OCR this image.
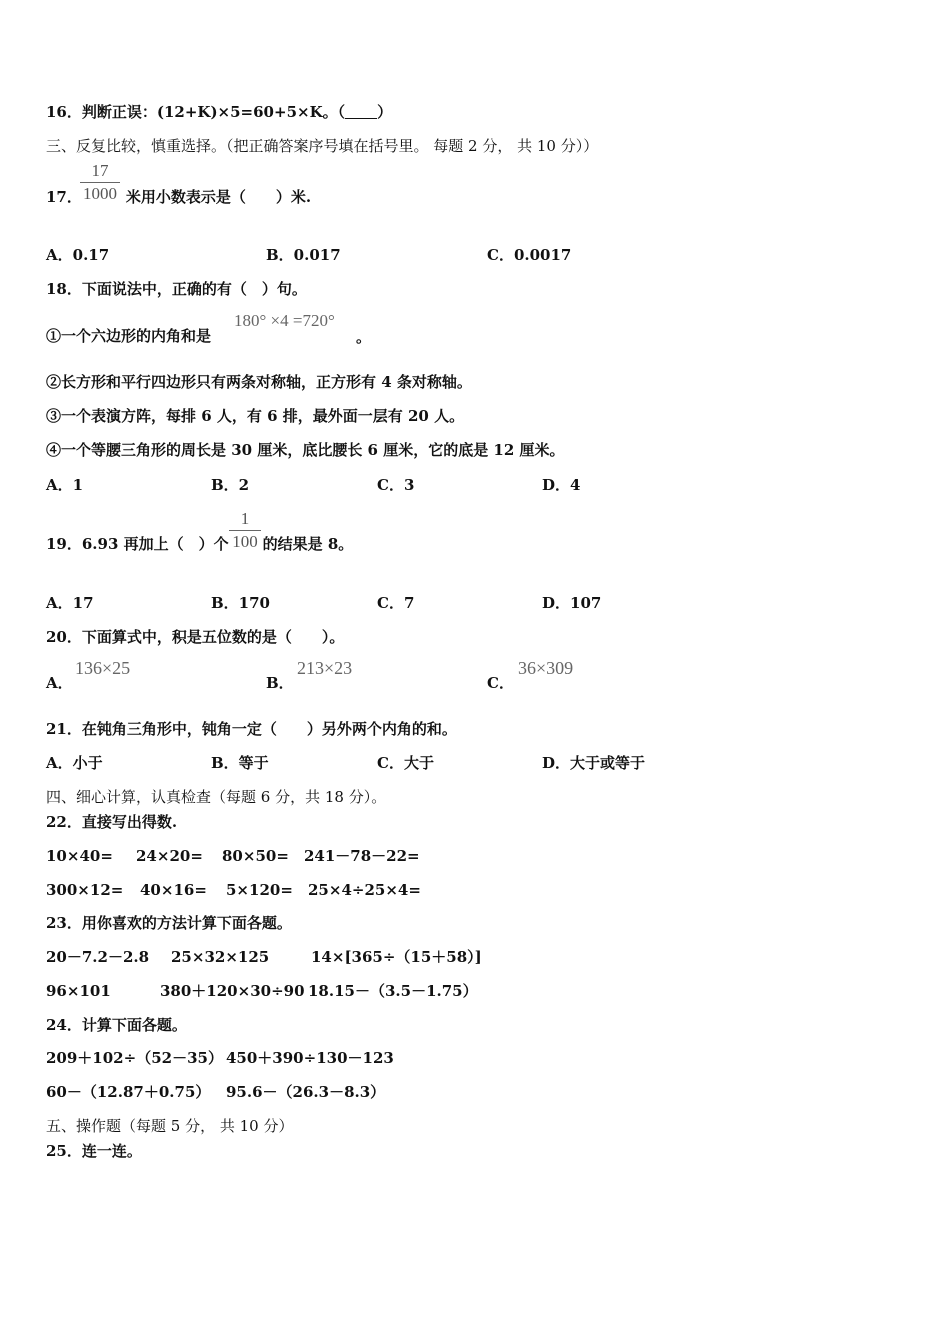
16．判断正误：(12+K)×5=60+5×K。（ ）
三、反复比较，慎重选择。（把正确答案序号填在括号里。 每题 2 分， 共 10 分））
17．	米用小数表示是（　　）米.
17
1000
A．0.17	B．0.017	C．0.0017
18．下面说法中，正确的有（　）句。
①一个六边形的内角和是
180° ×4 =720°
。
②长方形和平行四边形只有两条对称轴，正方形有 4 条对称轴。
③一个表演方阵，每排 6 人，有 6 排，最外面一层有 20 人。
④一个等腰三角形的周长是 30 厘米，底比腰长 6 厘米，它的底是 12 厘米。
A．1	B．2	C．3	D．4
19．6.93 再加上（　）个 的结果是 8。
1
100
A．17	B．170	C．7	D．107
20．下面算式中，积是五位数的是（　　）。
A．
136×25
B．
213×23
C．
36×309
21．在钝角三角形中，钝角一定（　　）另外两个内角的和。
A．小于	B．等于	C．大于	D．大于或等于
四、细心计算，认真检查（每题 6 分，共 18 分）。
22．直接写出得数.
10×40= 24×20= 80×50= 241－78－22=
300×12= 40×16= 5×120= 25×4÷25×4=
23．用你喜欢的方法计算下面各题。
20－7.2－2.8 25×32×125	14×[365÷（15＋58）]
96×101	380＋120×30÷90 18.15－（3.5－1.75）
24．计算下面各题。
209＋102÷（52－35） 450＋390÷130－123
60－（12.87＋0.75） 95.6－（26.3－8.3）
五、操作题（每题 5 分， 共 10 分）
25．连一连。
